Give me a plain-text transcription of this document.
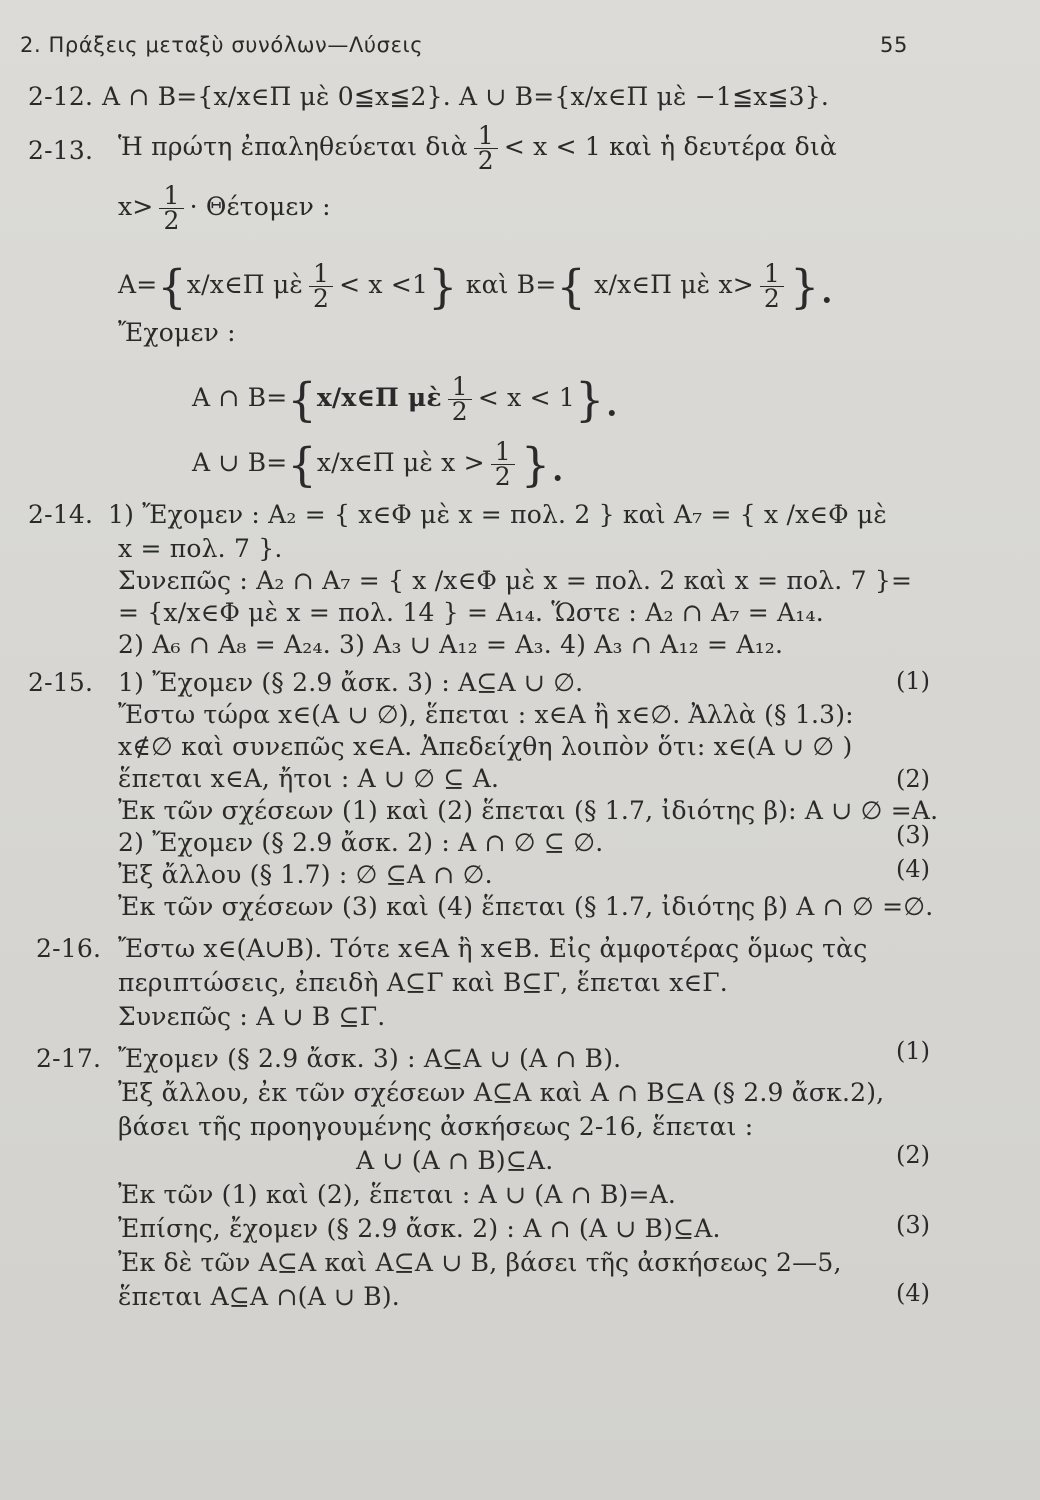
2. Πράξεις μεταξὺ συνόλων—Λύσεις	55
2-12. A ∩ B={x/x∈Π μὲ 0≦x≦2}. A ∪ B={x/x∈Π μὲ −1≦x≦3}.
2-13. Ἡ πρώτη ἐπαληθεύεται διὰ $\frac{1}{2} < x < 1$ καὶ ἡ δευτέρα διὰ
$x> \frac{1}{2} \cdot \Theta έ\tau o\mu\varepsilon\nu$ :
A={x/x∈Π μὲ $\frac{1}{2} < x <1$} καὶ B={ x/x∈Π μὲ $x> \frac{1}{2}$ }.
Ἔχομεν :
A ∩ B={x/x∈Π μὲ $\frac{1}{2} < x < 1$}.
A ∪ B={x/x∈Π μὲ $x > \frac{1}{2}$ }.
2-14. 1) Ἔχομεν : A₂ = { x∈Φ μὲ x = πολ. 2 } καὶ A₇ = { x /x∈Φ μὲ
x = πολ. 7 }.
Συνεπῶς : A₂ ∩ A₇ = { x /x∈Φ μὲ x = πολ. 2 καὶ x = πολ. 7 }=
= {x/x∈Φ μὲ x = πολ. 14 } = A₁₄. Ὥστε : A₂ ∩ A₇ = A₁₄.
2) A₆ ∩ A₈ = A₂₄. 3) A₃ ∪ A₁₂ = A₃. 4) A₃ ∩ A₁₂ = A₁₂.
2-15. 1) Ἔχομεν (§ 2.9 ἄσκ. 3) : A⊆A ∪ ∅.	(1)
Ἔστω τώρα x∈(A ∪ ∅), ἕπεται : x∈A ἢ x∈∅. Ἀλλὰ (§ 1.3):
x∉∅ καὶ συνεπῶς x∈A. Ἀπεδείχθη λοιπὸν ὅτι: x∈(A ∪ ∅ )
ἕπεται x∈A, ἤτοι : A ∪ ∅ ⊆ A.	(2)
Ἐκ τῶν σχέσεων (1) καὶ (2) ἕπεται (§ 1.7, ἰδιότης β): A ∪ ∅ =A.
2) Ἔχομεν (§ 2.9 ἄσκ. 2) : A ∩ ∅ ⊆ ∅.	(3)
Ἐξ ἄλλου (§ 1.7) : ∅ ⊆A ∩ ∅.	(4)
Ἐκ τῶν σχέσεων (3) καὶ (4) ἕπεται (§ 1.7, ἰδιότης β) A ∩ ∅ =∅.
2-16. Ἔστω x∈(A∪B). Τότε x∈A ἢ x∈B. Εἰς ἀμφοτέρας ὅμως τὰς
περιπτώσεις, ἐπειδὴ A⊆Γ καὶ B⊆Γ, ἕπεται x∈Γ.
Συνεπῶς : A ∪ B ⊆Γ.
2-17. Ἔχομεν (§ 2.9 ἄσκ. 3) : A⊆A ∪ (A ∩ B).	(1)
Ἐξ ἄλλου, ἐκ τῶν σχέσεων A⊆A καὶ A ∩ B⊆A (§ 2.9 ἄσκ.2),
βάσει τῆς προηγουμένης ἀσκήσεως 2-16, ἕπεται :
A ∪ (A ∩ B)⊆A.	(2)
Ἐκ τῶν (1) καὶ (2), ἕπεται : A ∪ (A ∩ B)=A.
Ἐπίσης, ἔχομεν (§ 2.9 ἄσκ. 2) : A ∩ (A ∪ B)⊆A.	(3)
Ἐκ δὲ τῶν A⊆A καὶ A⊆A ∪ B, βάσει τῆς ἀσκήσεως 2—5,
ἕπεται A⊆A ∩(A ∪ B).	(4)
